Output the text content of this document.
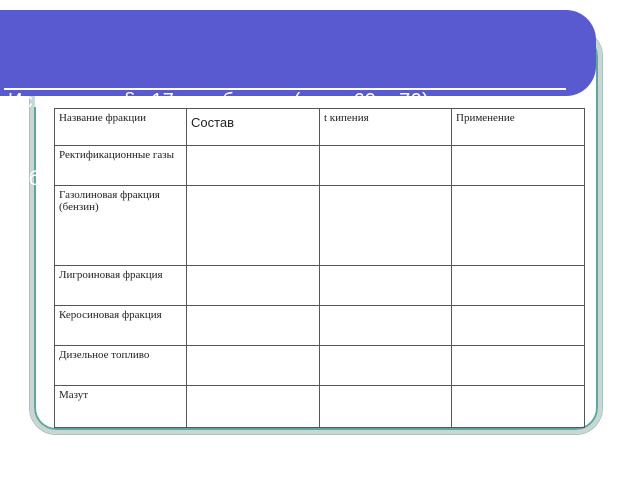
Используя § 17 учебника (стр. 69 -70), заполни

таблицу:

Название фракции	Состав	t кипения	Применение
Ректификационные газы			
Газолиновая фракция (бензин)			
Лигроиновая фракция			
Керосиновая фракция			
Дизельное топливо			
Мазут			
